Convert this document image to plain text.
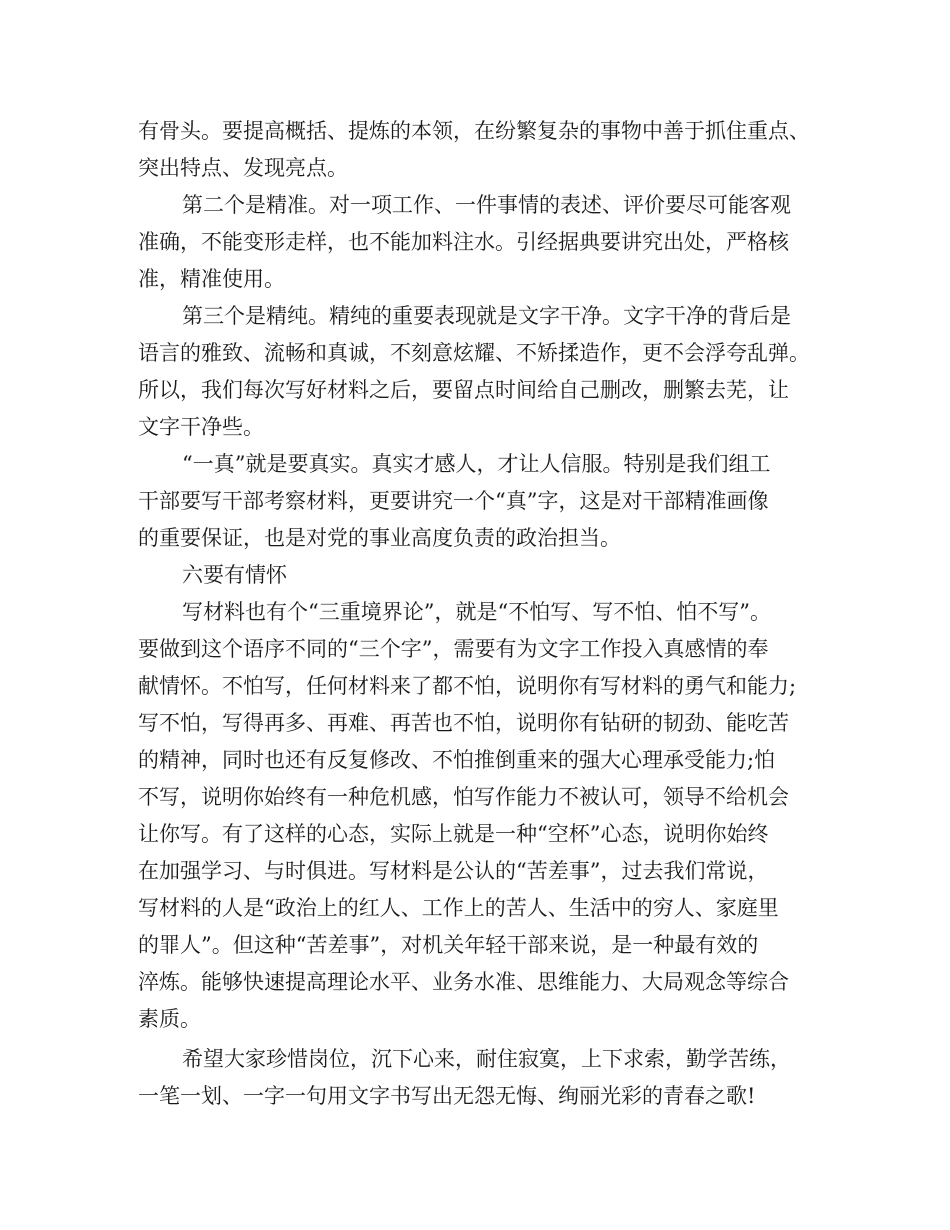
有骨头。要提高概括、提炼的本领，在纷繁复杂的事物中善于抓住重点、
突出特点、发现亮点。
第二个是精准。对一项工作、一件事情的表述、评价要尽可能客观
准确，不能变形走样，也不能加料注水。引经据典要讲究出处，严格核
准，精准使用。
第三个是精纯。精纯的重要表现就是文字干净。文字干净的背后是
语言的雅致、流畅和真诚，不刻意炫耀、不矫揉造作，更不会浮夸乱弹。
所以，我们每次写好材料之后，要留点时间给自己删改，删繁去芜，让
文字干净些。
“一真”就是要真实。真实才感人，才让人信服。特别是我们组工
干部要写干部考察材料，更要讲究一个“真”字，这是对干部精准画像
的重要保证，也是对党的事业高度负责的政治担当。
六要有情怀
写材料也有个“三重境界论”，就是“不怕写、写不怕、怕不写”。
要做到这个语序不同的“三个字”，需要有为文字工作投入真感情的奉
献情怀。不怕写，任何材料来了都不怕，说明你有写材料的勇气和能力;
写不怕，写得再多、再难、再苦也不怕，说明你有钻研的韧劲、能吃苦
的精神，同时也还有反复修改、不怕推倒重来的强大心理承受能力;怕
不写，说明你始终有一种危机感，怕写作能力不被认可，领导不给机会
让你写。有了这样的心态，实际上就是一种“空杯”心态，说明你始终
在加强学习、与时俱进。写材料是公认的“苦差事”，过去我们常说，
写材料的人是“政治上的红人、工作上的苦人、生活中的穷人、家庭里
的罪人”。但这种“苦差事”，对机关年轻干部来说，是一种最有效的
淬炼。能够快速提高理论水平、业务水准、思维能力、大局观念等综合
素质。
希望大家珍惜岗位，沉下心来，耐住寂寞，上下求索，勤学苦练，
一笔一划、一字一句用文字书写出无怨无悔、绚丽光彩的青春之歌!
